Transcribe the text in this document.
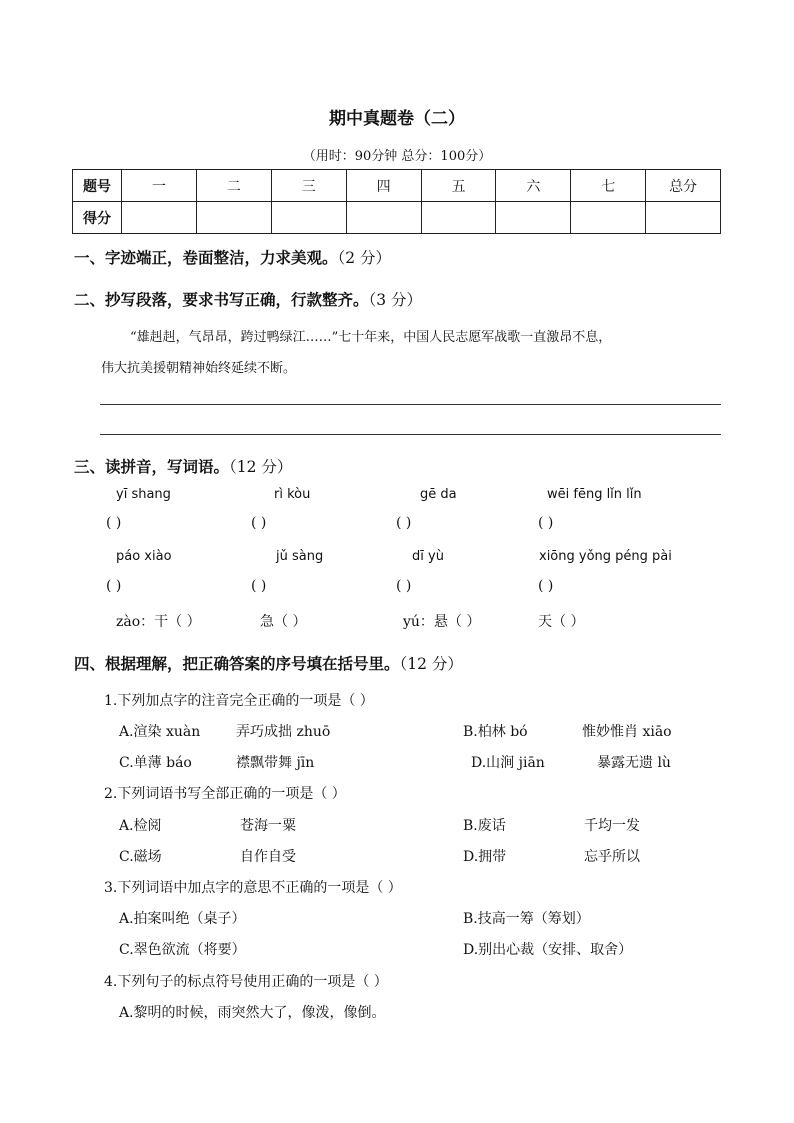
期中真题卷（二）
（用时：90分钟 总分：100分）
题号	一	二	三	四	五	六	七	总分
得分								
一、字迹端正，卷面整洁，力求美观。（2 分）
二、抄写段落，要求书写正确，行款整齐。（3 分）
“雄赳赳，气昂昂，跨过鸭绿江……”七十年来，中国人民志愿军战歌一直激昂不息，
伟大抗美援朝精神始终延续不断。
三、读拼音，写词语。（12 分）
yī shang	rì kòu	gē da	wēi fēng lǐn lǐn
( )	( )	( )	( )
páo xiào	jǔ sàng	dī yù	xiōng yǒng péng pài
( )	( )	( )	( )
zào：干（ ）	急（ ）	yú：悬（ ）	天（ ）
四、根据理解，把正确答案的序号填在括号里。（12 分）
1.下列加点字的注音完全正确的一项是（ ）
A.渲染 xuàn	弄巧成拙 zhuō	B.柏林 bó	惟妙惟肖 xiāo
C.单薄 báo	襟飘带舞 jīn	D.山涧 jiān	暴露无遗 lù
2.下列词语书写全部正确的一项是（ ）
A.检阅	苍海一粟	B.废话	千均一发
C.磁场	自作自受	D.拥带	忘乎所以
3.下列词语中加点字的意思不正确的一项是（ ）
A.拍案叫绝（桌子）	B.技高一筹（筹划）
C.翠色欲流（将要）	D.别出心裁（安排、取舍）
4.下列句子的标点符号使用正确的一项是（ ）
A.黎明的时候，雨突然大了，像泼，像倒。
